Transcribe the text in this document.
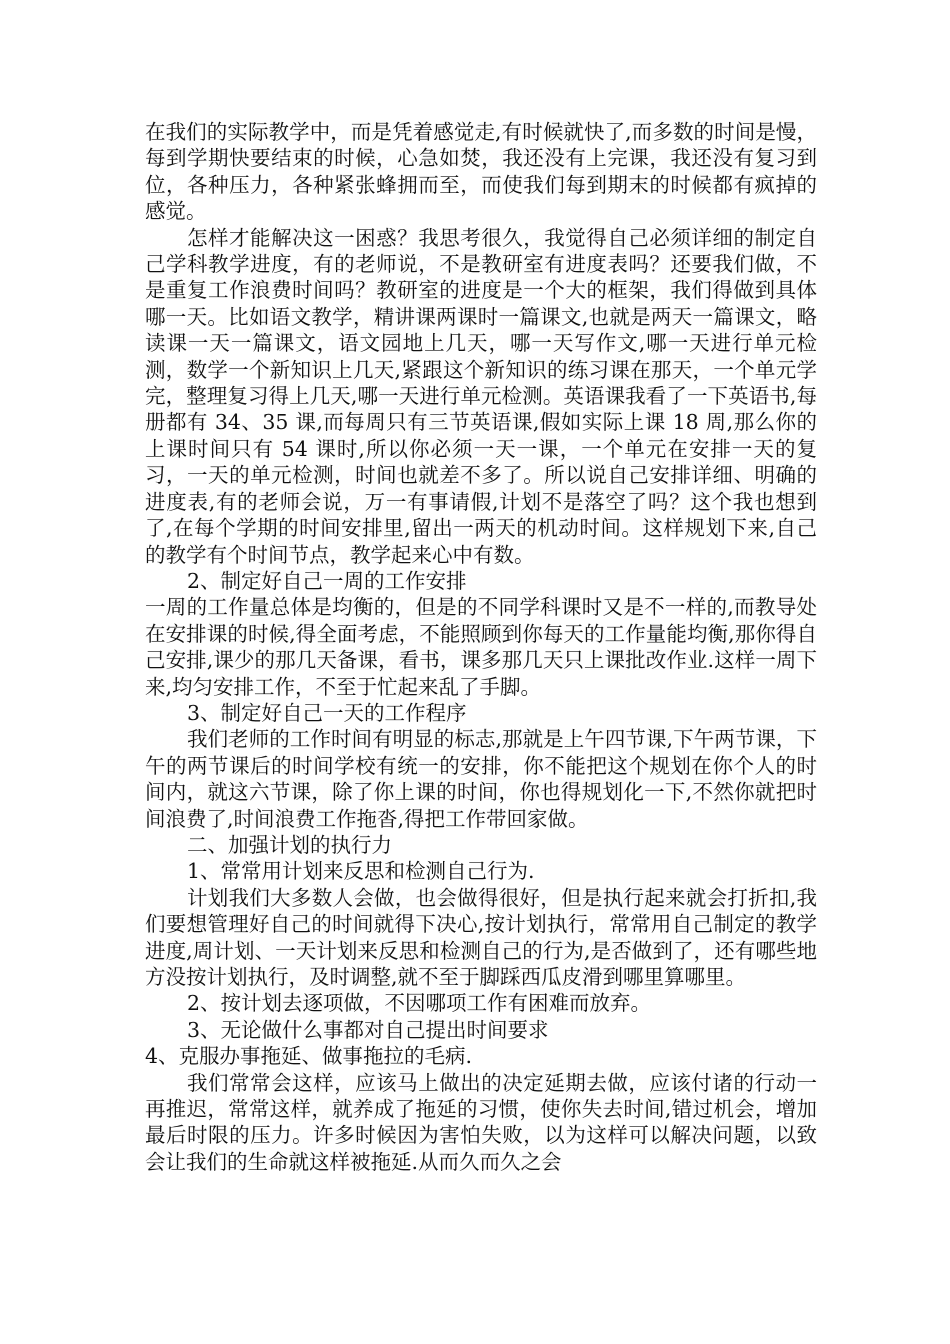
在我们的实际教学中，而是凭着感觉走,有时候就快了,而多数的时间是慢，每到学期快要结束的时候，心急如焚，我还没有上完课，我还没有复习到位，各种压力，各种紧张蜂拥而至，而使我们每到期末的时候都有疯掉的感觉。

怎样才能解决这一困惑？我思考很久，我觉得自己必须详细的制定自己学科教学进度，有的老师说，不是教研室有进度表吗？还要我们做，不是重复工作浪费时间吗？教研室的进度是一个大的框架，我们得做到具体哪一天。比如语文教学，精讲课两课时一篇课文,也就是两天一篇课文，略读课一天一篇课文，语文园地上几天，哪一天写作文,哪一天进行单元检测，数学一个新知识上几天,紧跟这个新知识的练习课在那天，一个单元学完，整理复习得上几天,哪一天进行单元检测。英语课我看了一下英语书,每册都有 34、35 课,而每周只有三节英语课,假如实际上课 18 周,那么你的上课时间只有 54 课时,所以你必须一天一课，一个单元在安排一天的复习，一天的单元检测，时间也就差不多了。所以说自己安排详细、明确的进度表,有的老师会说，万一有事请假,计划不是落空了吗？这个我也想到了,在每个学期的时间安排里,留出一两天的机动时间。这样规划下来,自己的教学有个时间节点，教学起来心中有数。

2、制定好自己一周的工作安排

一周的工作量总体是均衡的，但是的不同学科课时又是不一样的,而教导处在安排课的时候,得全面考虑，不能照顾到你每天的工作量能均衡,那你得自己安排,课少的那几天备课，看书，课多那几天只上课批改作业.这样一周下来,均匀安排工作，不至于忙起来乱了手脚。

3、制定好自己一天的工作程序

我们老师的工作时间有明显的标志,那就是上午四节课,下午两节课，下午的两节课后的时间学校有统一的安排，你不能把这个规划在你个人的时间内，就这六节课，除了你上课的时间，你也得规划化一下,不然你就把时间浪费了,时间浪费工作拖沓,得把工作带回家做。

二、加强计划的执行力

1、常常用计划来反思和检测自己行为.

计划我们大多数人会做，也会做得很好，但是执行起来就会打折扣,我们要想管理好自己的时间就得下决心,按计划执行，常常用自己制定的教学进度,周计划、一天计划来反思和检测自己的行为,是否做到了，还有哪些地方没按计划执行，及时调整,就不至于脚踩西瓜皮滑到哪里算哪里。

2、按计划去逐项做，不因哪项工作有困难而放弃。

3、无论做什么事都对自己提出时间要求

4、克服办事拖延、做事拖拉的毛病.

我们常常会这样，应该马上做出的决定延期去做，应该付诸的行动一再推迟，常常这样，就养成了拖延的习惯，使你失去时间,错过机会，增加最后时限的压力。许多时候因为害怕失败，以为这样可以解决问题，以致会让我们的生命就这样被拖延.从而久而久之会
